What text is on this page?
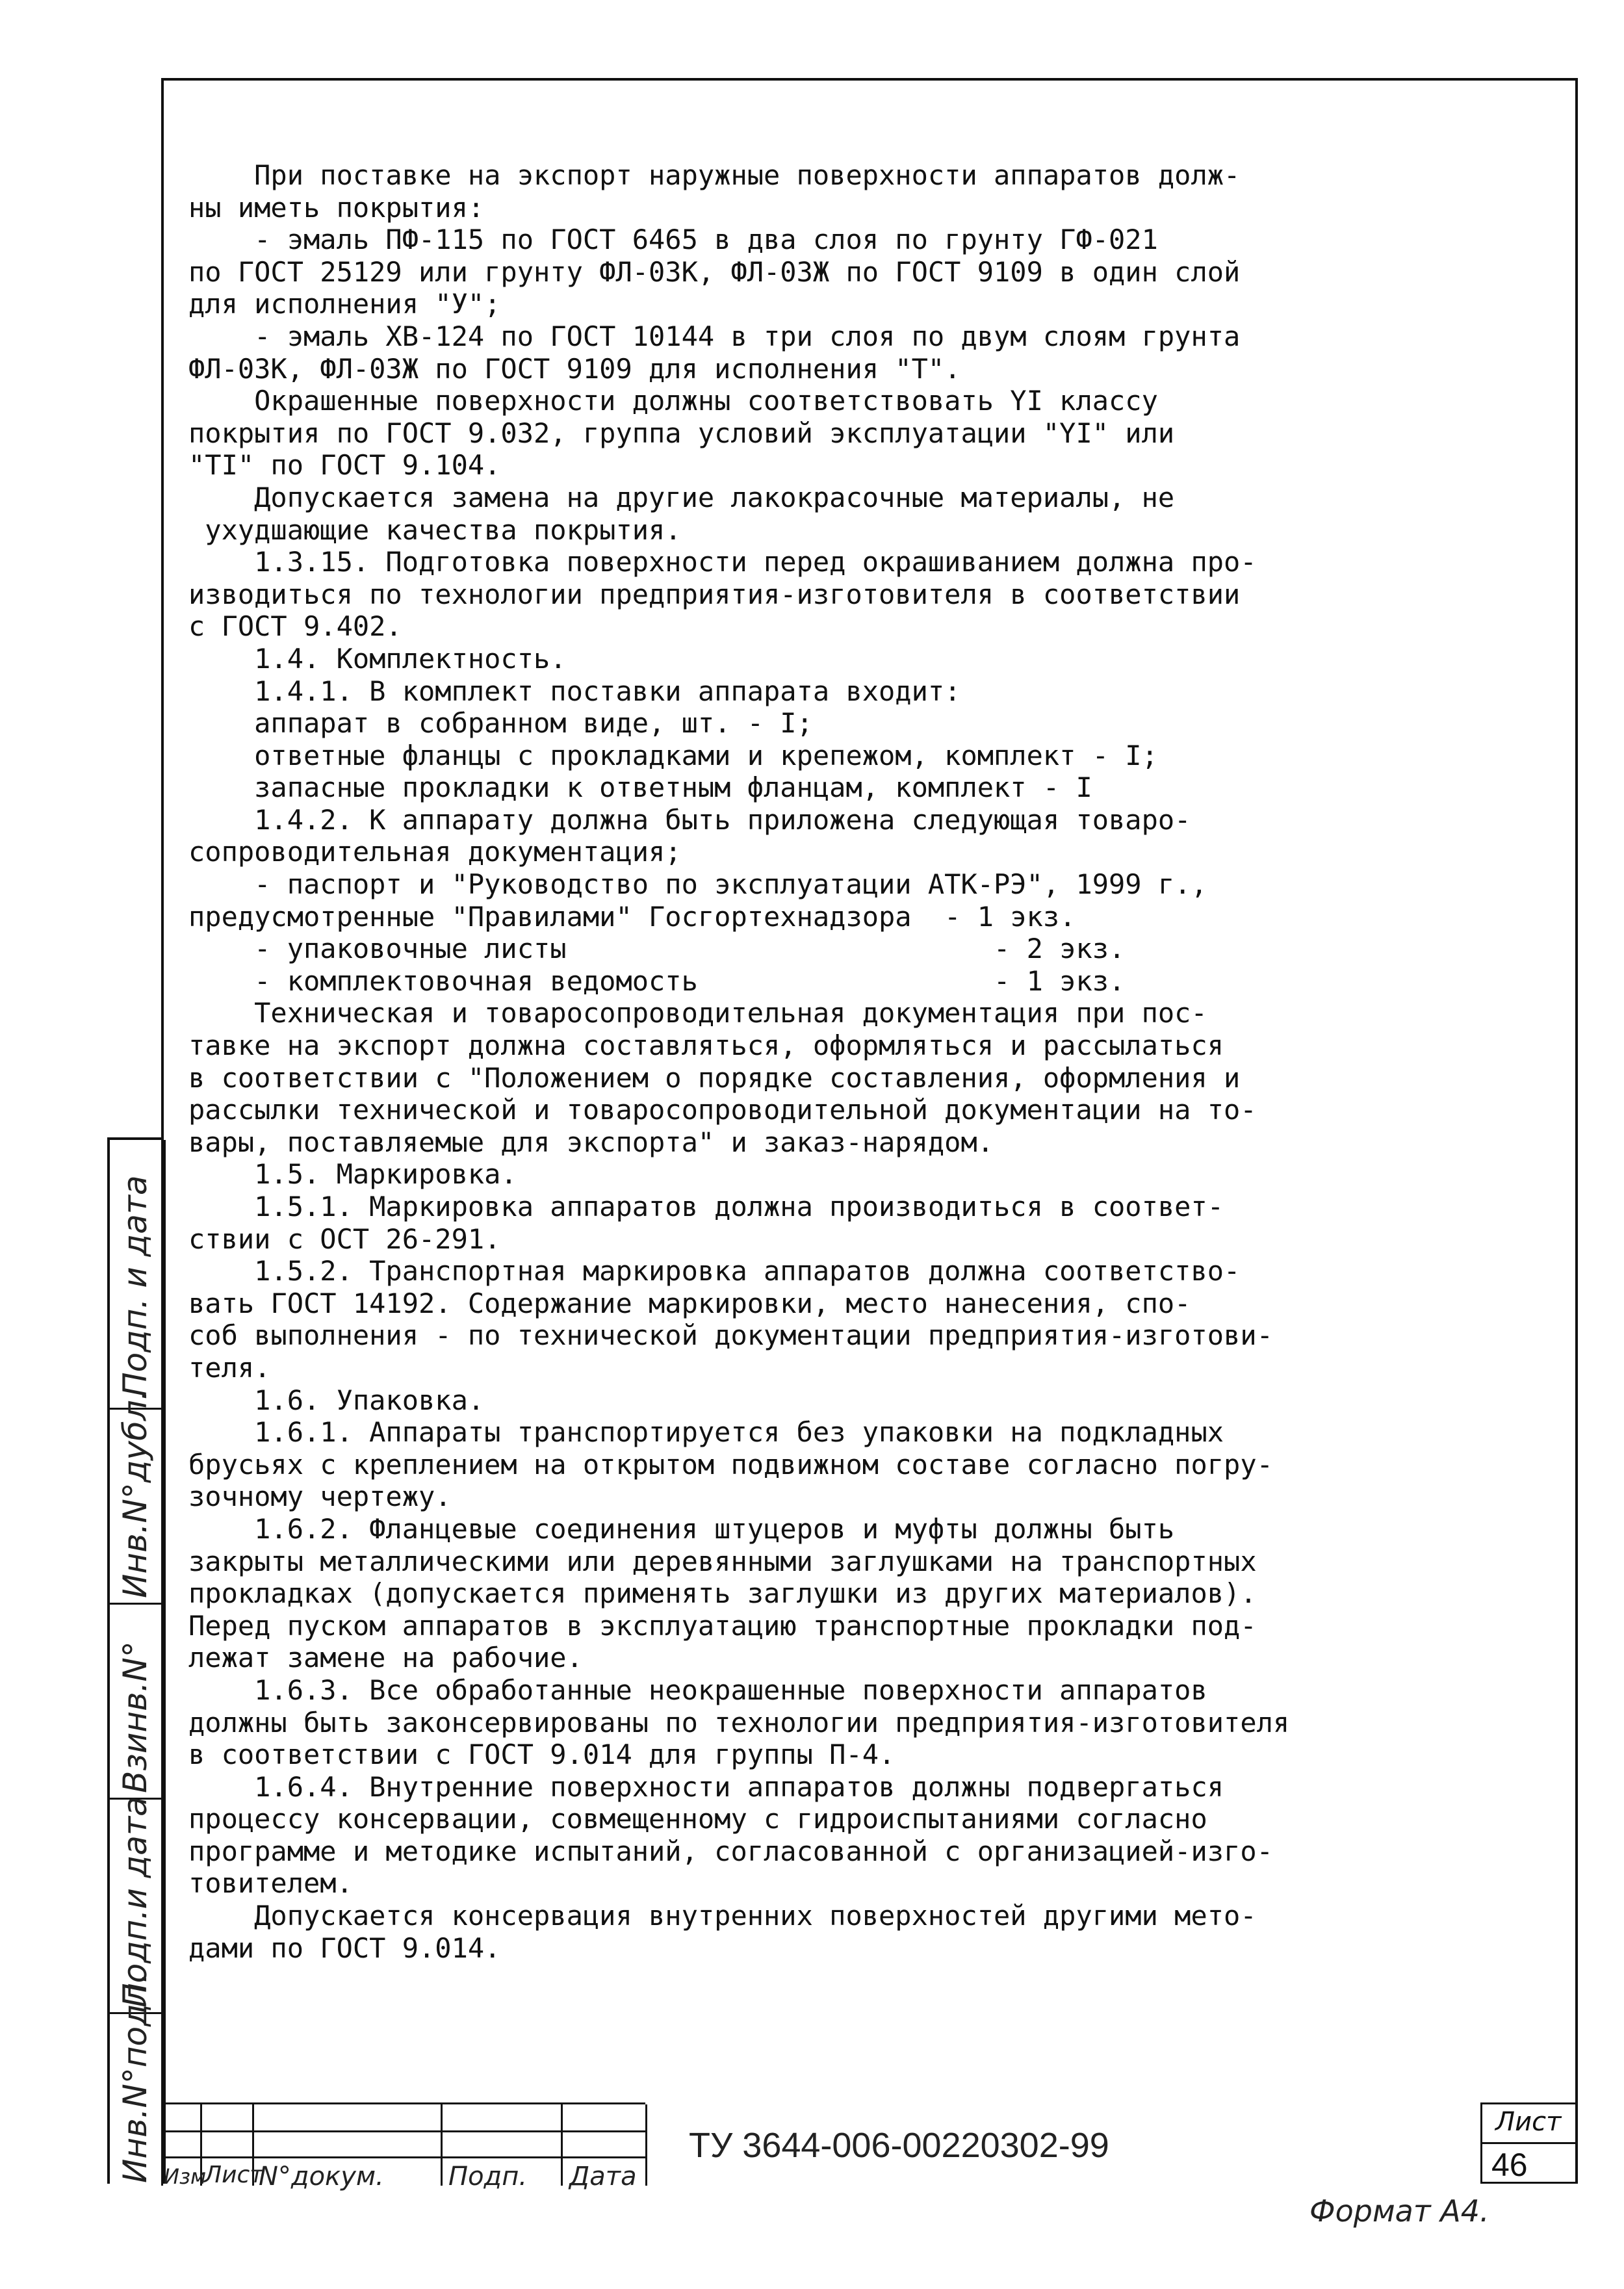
При поставке на экспорт наружные поверхности аппаратов долж-
ны иметь покрытия:
- эмаль ПФ-115 по ГОСТ 6465 в два слоя по грунту ГФ-021
по ГОСТ 25129 или грунту ФЛ-03К, ФЛ-03Ж по ГОСТ 9109 в один слой
для исполнения "У";
- эмаль ХВ-124 по ГОСТ 10144 в три слоя по двум слоям грунта
ФЛ-03К, ФЛ-03Ж по ГОСТ 9109 для исполнения "Т".
Окрашенные поверхности должны соответствовать YI классу
покрытия по ГОСТ 9.032, группа условий эксплуатации "YI" или
"TI" по ГОСТ 9.104.
Допускается замена на другие лакокрасочные материалы, не
ухудшающие качества покрытия.
1.3.15. Подготовка поверхности перед окрашиванием должна про-
изводиться по технологии предприятия-изготовителя в соответствии
с ГОСТ 9.402.
1.4. Комплектность.
1.4.1. В комплект поставки аппарата входит:
аппарат в собранном виде, шт. - I;
ответные фланцы с прокладками и крепежом, комплект - I;
запасные прокладки к ответным фланцам, комплект - I
1.4.2. К аппарату должна быть приложена следующая товаро-
сопроводительная документация;
- паспорт и "Руководство по эксплуатации АТК-РЭ", 1999 г.,
предусмотренные "Правилами" Госгортехнадзора  - 1 экз.
- упаковочные листы                          - 2 экз.
- комплектовочная ведомость                  - 1 экз.
Техническая и товаросопроводительная документация при пос-
тавке на экспорт должна составляться, оформляться и рассылаться
в соответствии с "Положением о порядке составления, оформления и
рассылки технической и товаросопроводительной документации на то-
вары, поставляемые для экспорта" и заказ-нарядом.
1.5. Маркировка.
1.5.1. Маркировка аппаратов должна производиться в соответ-
ствии с ОСТ 26-291.
1.5.2. Транспортная маркировка аппаратов должна соответство-
вать ГОСТ 14192. Содержание маркировки, место нанесения, спо-
соб выполнения - по технической документации предприятия-изготови-
теля.
1.6. Упаковка.
1.6.1. Аппараты транспортируется без упаковки на подкладных
брусьях с креплением на открытом подвижном составе согласно погру-
зочному чертежу.
1.6.2. Фланцевые соединения штуцеров и муфты должны быть
закрыты металлическими или деревянными заглушками на транспортных
прокладках (допускается применять заглушки из других материалов).
Перед пуском аппаратов в эксплуатацию транспортные прокладки под-
лежат замене на рабочие.
1.6.3. Все обработанные неокрашенные поверхности аппаратов
должны быть законсервированы по технологии предприятия-изготовителя
в соответствии с ГОСТ 9.014 для группы П-4.
1.6.4. Внутренние поверхности аппаратов должны подвергаться
процессу консервации, совмещенному с гидроиспытаниями согласно
программе и методике испытаний, согласованной с организацией-изго-
товителем.
Допускается консервация внутренних поверхностей другими мето-
дами по ГОСТ 9.014.
Подп. и дата
Инв.N°дубл.
Взинв.N°
Подп.и дата
Инв.N°подл. Изм
Лист
N°докум. Подп. Дата
ТУ 3644-006-00220302-99
Лист
46
Формат А4.
